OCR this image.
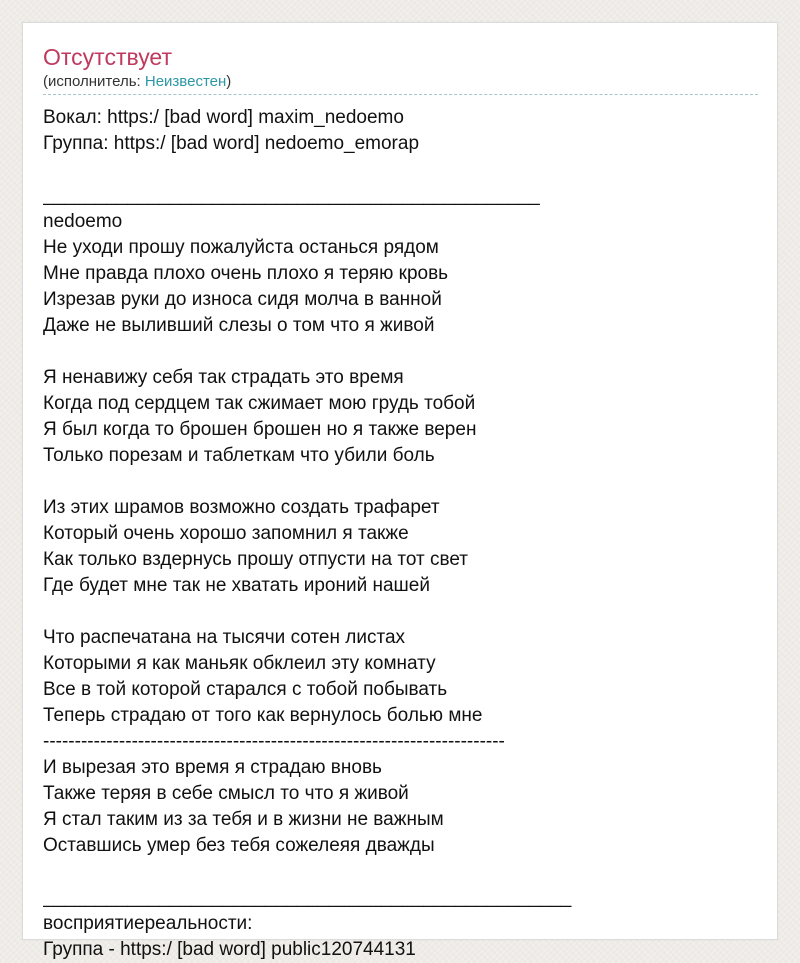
Отсутствует
(исполнитель: Неизвестен)
Вокал: https:/ [bad word] maxim_nedoemo
Группа: https:/ [bad word] nedoemo_emorap
_______________________________________________
nedoemo
Не уходи прошу пожалуйста останься рядом
Мне правда плохо очень плохо я теряю кровь
Изрезав руки до износа сидя молча в ванной
Даже не выливший слезы о том что я живой
Я ненавижу себя так страдать это время
Когда под сердцем так сжимает мою грудь тобой
Я был когда то брошен брошен но я также верен
Только порезам и таблеткам что убили боль
Из этих шрамов возможно создать трафарет
Который очень хорошо запомнил я также
Как только вздернусь прошу отпусти на тот свет
Где будет мне так не хватать ироний нашей
Что распечатана на тысячи сотен листах
Которыми я как маньяк обклеил эту комнату
Все в той которой старался с тобой побывать
Теперь страдаю от того как вернулось болью мне
-------------------------------------------------------------------------
И вырезая это время я страдаю вновь
Также теряя в себе смысл то что я живой
Я стал таким из за тебя и в жизни не важным
Оставшись умер без тебя сожелеяя дважды
__________________________________________________
восприятиереальности:
Группа - https:/ [bad word] public120744131
